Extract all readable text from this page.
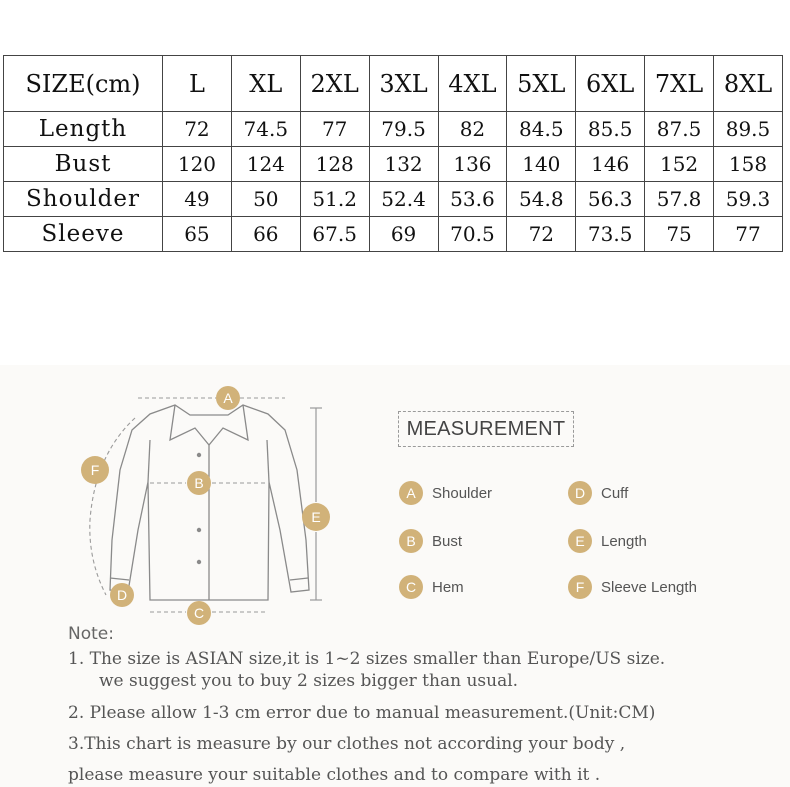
SIZE(cm)	L	XL	2XL	3XL	4XL	5XL	6XL	7XL	8XL
Length	72	74.5	77	79.5	82	84.5	85.5	87.5	89.5
Bust	120	124	128	132	136	140	146	152	158
Shoulder	49	50	51.2	52.4	53.6	54.8	56.3	57.8	59.3
Sleeve	65	66	67.5	69	70.5	72	73.5	75	77
A
B
C
D
E
F
MEASUREMENT
A	Shoulder
B	Bust
C	Hem
D	Cuff
E	Length
F	Sleeve Length
Note:
1. The size is ASIAN size,it is 1~2 sizes smaller than Europe/US size.
we suggest you to buy 2 sizes bigger than usual.
2. Please allow 1-3 cm error due to manual measurement.(Unit:CM)
3.This chart is measure by our clothes not according your body ,
please measure your suitable clothes and to compare with it .
